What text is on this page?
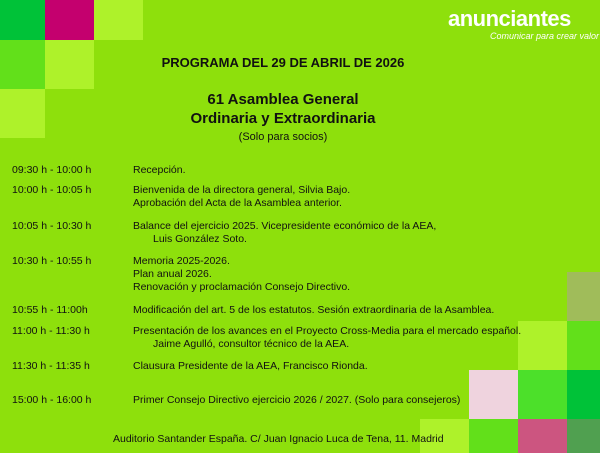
anunciantes
Comunicar para crear valor
PROGRAMA DEL 29 DE ABRIL DE 2026
61 Asamblea General
Ordinaria y Extraordinaria
(Solo para socios)
09:30 h - 10:00 h	Recepción.
10:00 h - 10:05 h	Bienvenida de la directora general, Silvia Bajo.
Aprobación del Acta de la Asamblea anterior.
10:05 h - 10:30 h	Balance del ejercicio 2025. Vicepresidente económico de la AEA,
Luis González Soto.
10:30 h - 10:55 h	Memoria 2025-2026.
Plan anual 2026.
Renovación y proclamación Consejo Directivo.
10:55 h - 11:00h	Modificación del art. 5 de los estatutos. Sesión extraordinaria de la Asamblea.
11:00 h - 11:30 h	Presentación de los avances en el Proyecto Cross-Media para el mercado español.
Jaime Agulló, consultor técnico de la AEA.
11:30 h - 11:35 h	Clausura Presidente de la AEA, Francisco Rionda.
15:00 h - 16:00 h	Primer Consejo Directivo ejercicio 2026 / 2027. (Solo para consejeros)
Auditorio Santander España. C/ Juan Ignacio Luca de Tena, 11. Madrid
